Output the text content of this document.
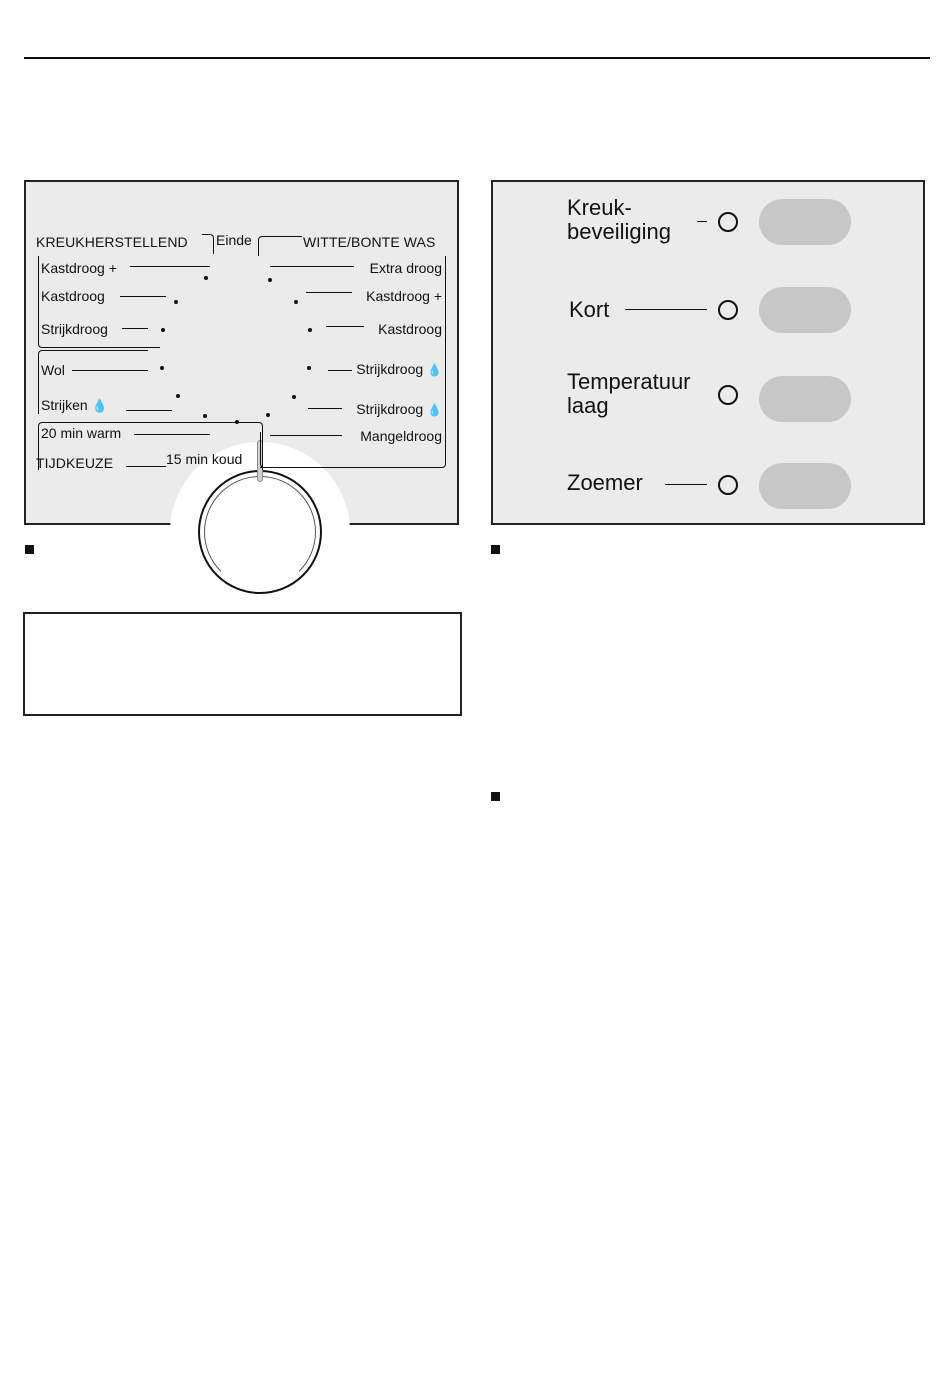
Einde
KREUKHERSTELLEND
Kastdroog +
Kastdroog
Strijkdroog
Wol
Strijken 💧
20 min warm
TIJDKEUZE	15 min koud
WITTE/BONTE WAS
Extra droog
Kastdroog +
Kastdroog
Strijkdroog 💧
Strijkdroog 💧
Mangeldroog
Kreuk-
beveiliging
Kort
Temperatuur
laag
Zoemer
